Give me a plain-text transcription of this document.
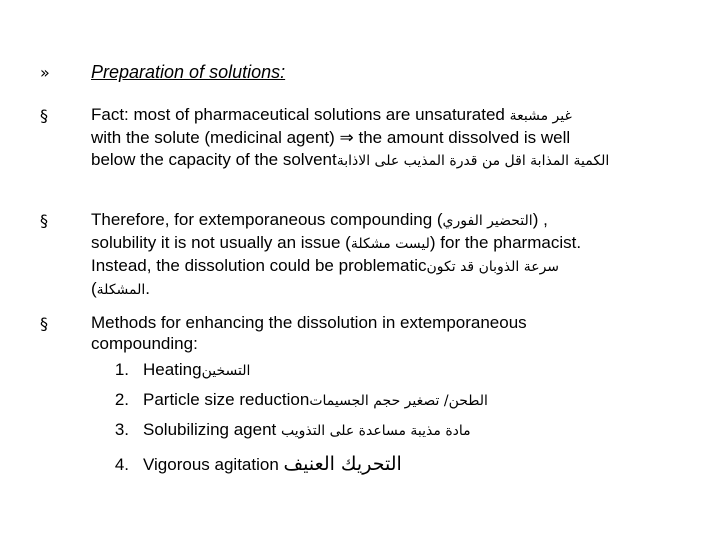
» Preparation of solutions:
§	Fact: most of pharmaceutical solutions are unsaturated غير مشبعة
with the solute (medicinal agent) ⇒ the amount dissolved is well
below the capacity of the solventالكمية المذابة اقل من قدرة المذيب على الاذابة
§	Therefore, for extemporaneous compounding (التحضير الفوري) ,
solubility it is not usually an issue (ليست مشكلة) for the pharmacist.
Instead, the dissolution could be problematicسرعة الذوبان قد تكون
(المشكلة.
§	Methods for enhancing the dissolution in extemporaneous
compounding:
1. Heatingالتسخين
2. Particle size reductionالطحن/ تصغير حجم الجسيمات
3. Solubilizing agent مادة مذيبة مساعدة على التذويب
4. Vigorous agitation التحريك العنيف
